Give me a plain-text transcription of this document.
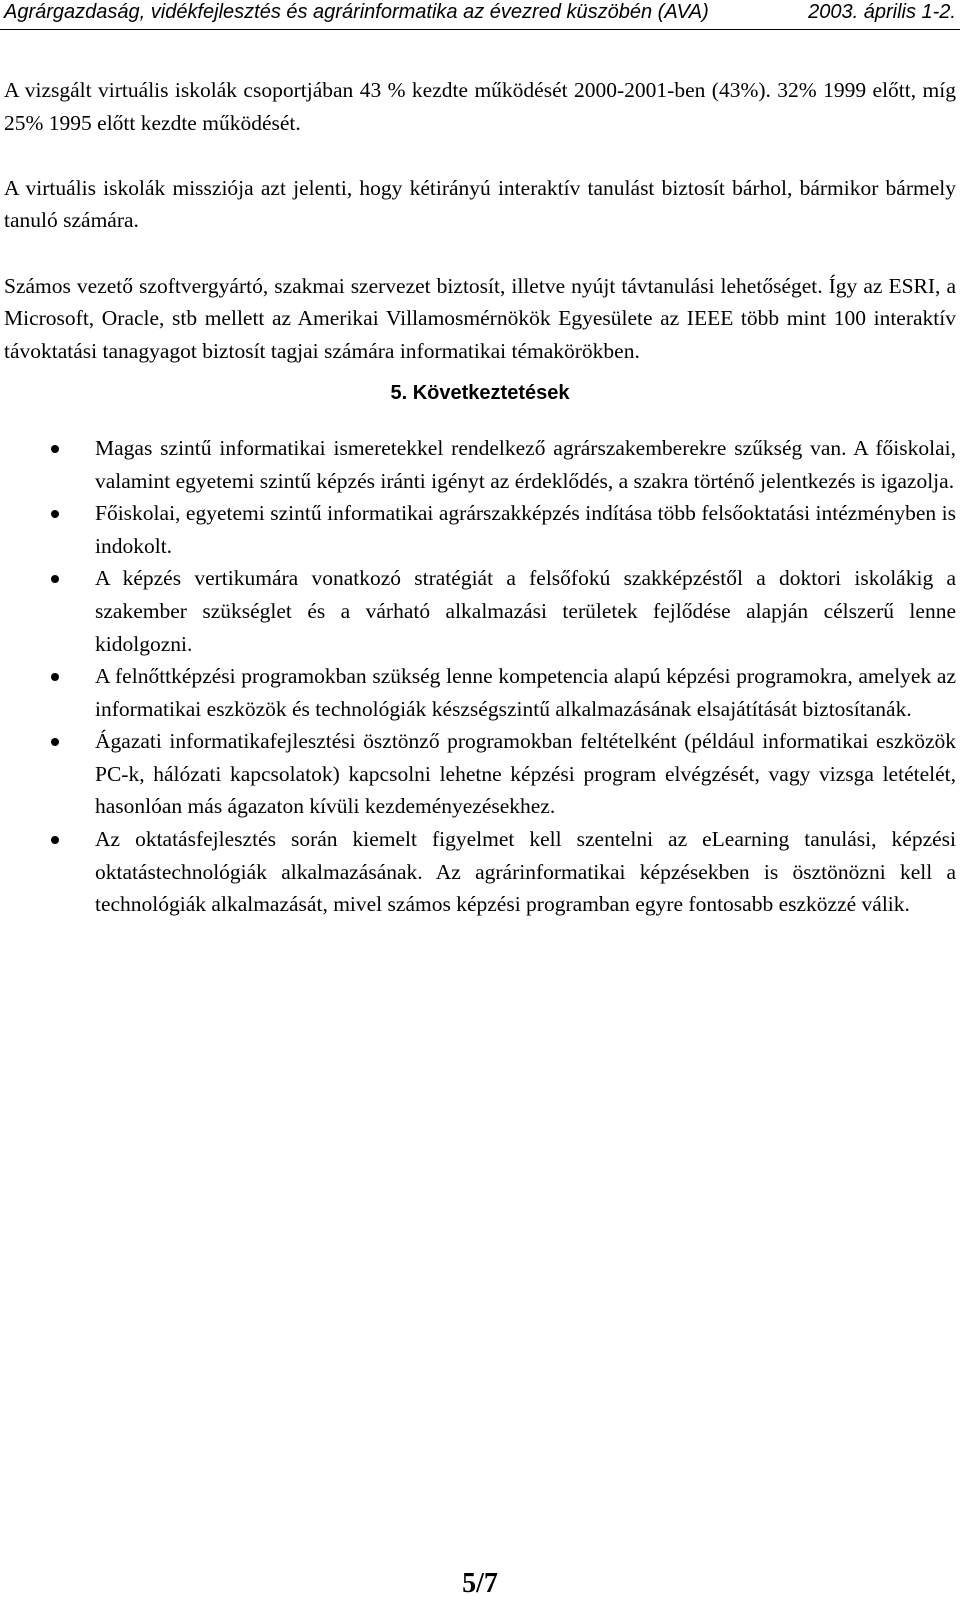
Agrárgazdaság, vidékfejlesztés és agrárinformatika az évezred küszöbén (AVA)	2003. április 1-2.

A vizsgált virtuális iskolák csoportjában 43 % kezdte működését 2000-2001-ben (43%). 32% 1999 előtt, míg 25% 1995 előtt kezdte működését.

A virtuális iskolák missziója azt jelenti, hogy kétirányú interaktív tanulást biztosít bárhol, bármikor bármely tanuló számára.

Számos vezető szoftvergyártó, szakmai szervezet biztosít, illetve nyújt távtanulási lehetőséget. Így az ESRI, a Microsoft, Oracle, stb mellett az Amerikai Villamosmérnökök Egyesülete az IEEE több mint 100 interaktív távoktatási tanagyagot biztosít tagjai számára informatikai témakörökben.

5. Következtetések
Magas szintű informatikai ismeretekkel rendelkező agrárszakemberekre szűkség van. A főiskolai, valamint egyetemi szintű képzés iránti igényt az érdeklődés, a szakra történő jelentkezés is igazolja.
Főiskolai, egyetemi szintű informatikai agrárszakképzés indítása több felsőoktatási intézményben is indokolt.
A képzés vertikumára vonatkozó stratégiát a felsőfokú szakképzéstől a doktori iskolákig a szakember szükséglet és a várható alkalmazási területek fejlődése alapján célszerű lenne kidolgozni.
A felnőttképzési programokban szükség lenne kompetencia alapú képzési programokra, amelyek az informatikai eszközök és technológiák készségszintű alkalmazásának elsajátítását biztosítanák.
Ágazati informatikafejlesztési ösztönző programokban feltételként (például informatikai eszközök PC-k, hálózati kapcsolatok) kapcsolni lehetne képzési program elvégzését, vagy vizsga letételét, hasonlóan más ágazaton kívüli kezdeményezésekhez.
Az oktatásfejlesztés során kiemelt figyelmet kell szentelni az eLearning tanulási, képzési oktatástechnológiák alkalmazásának. Az agrárinformatikai képzésekben is ösztönözni kell a technológiák alkalmazását, mivel számos képzési programban egyre fontosabb eszközzé válik.
5/7
